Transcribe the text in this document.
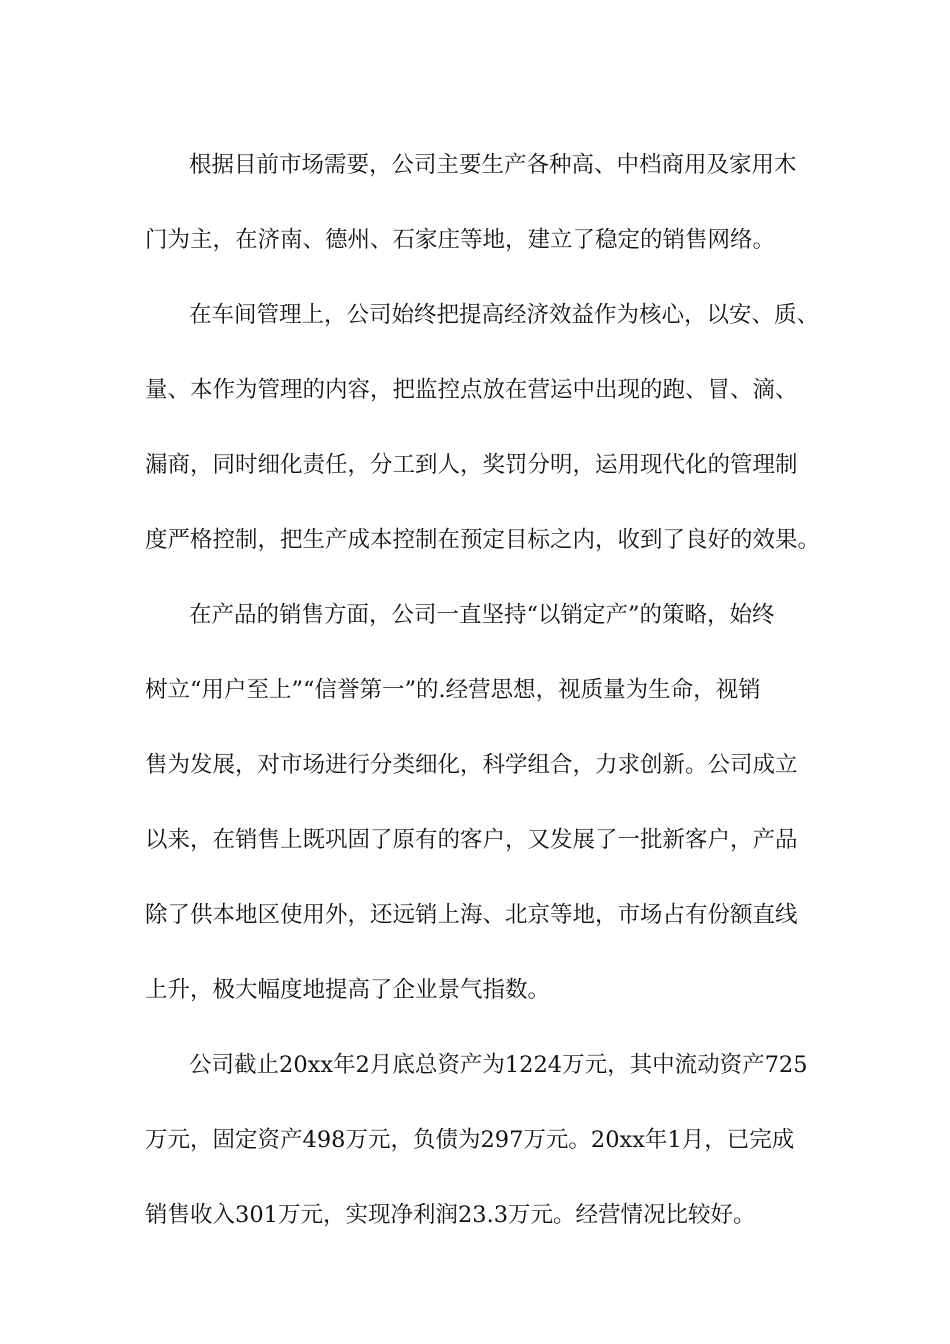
根据目前市场需要，公司主要生产各种高、中档商用及家用木
门为主，在济南、德州、石家庄等地，建立了稳定的销售网络。
在车间管理上，公司始终把提高经济效益作为核心，以安、质、
量、本作为管理的内容，把监控点放在营运中出现的跑、冒、滴、
漏商，同时细化责任，分工到人，奖罚分明，运用现代化的管理制
度严格控制，把生产成本控制在预定目标之内，收到了良好的效果。
在产品的销售方面，公司一直坚持“以销定产”的策略，始终
树立“用户至上”“信誉第一”的.经营思想，视质量为生命，视销
售为发展，对市场进行分类细化，科学组合，力求创新。公司成立
以来，在销售上既巩固了原有的客户，又发展了一批新客户，产品
除了供本地区使用外，还远销上海、北京等地，市场占有份额直线
上升，极大幅度地提高了企业景气指数。
公司截止20xx年2月底总资产为1224万元，其中流动资产725
万元，固定资产498万元，负债为297万元。20xx年1月，已完成
销售收入301万元，实现净利润23.3万元。经营情况比较好。
